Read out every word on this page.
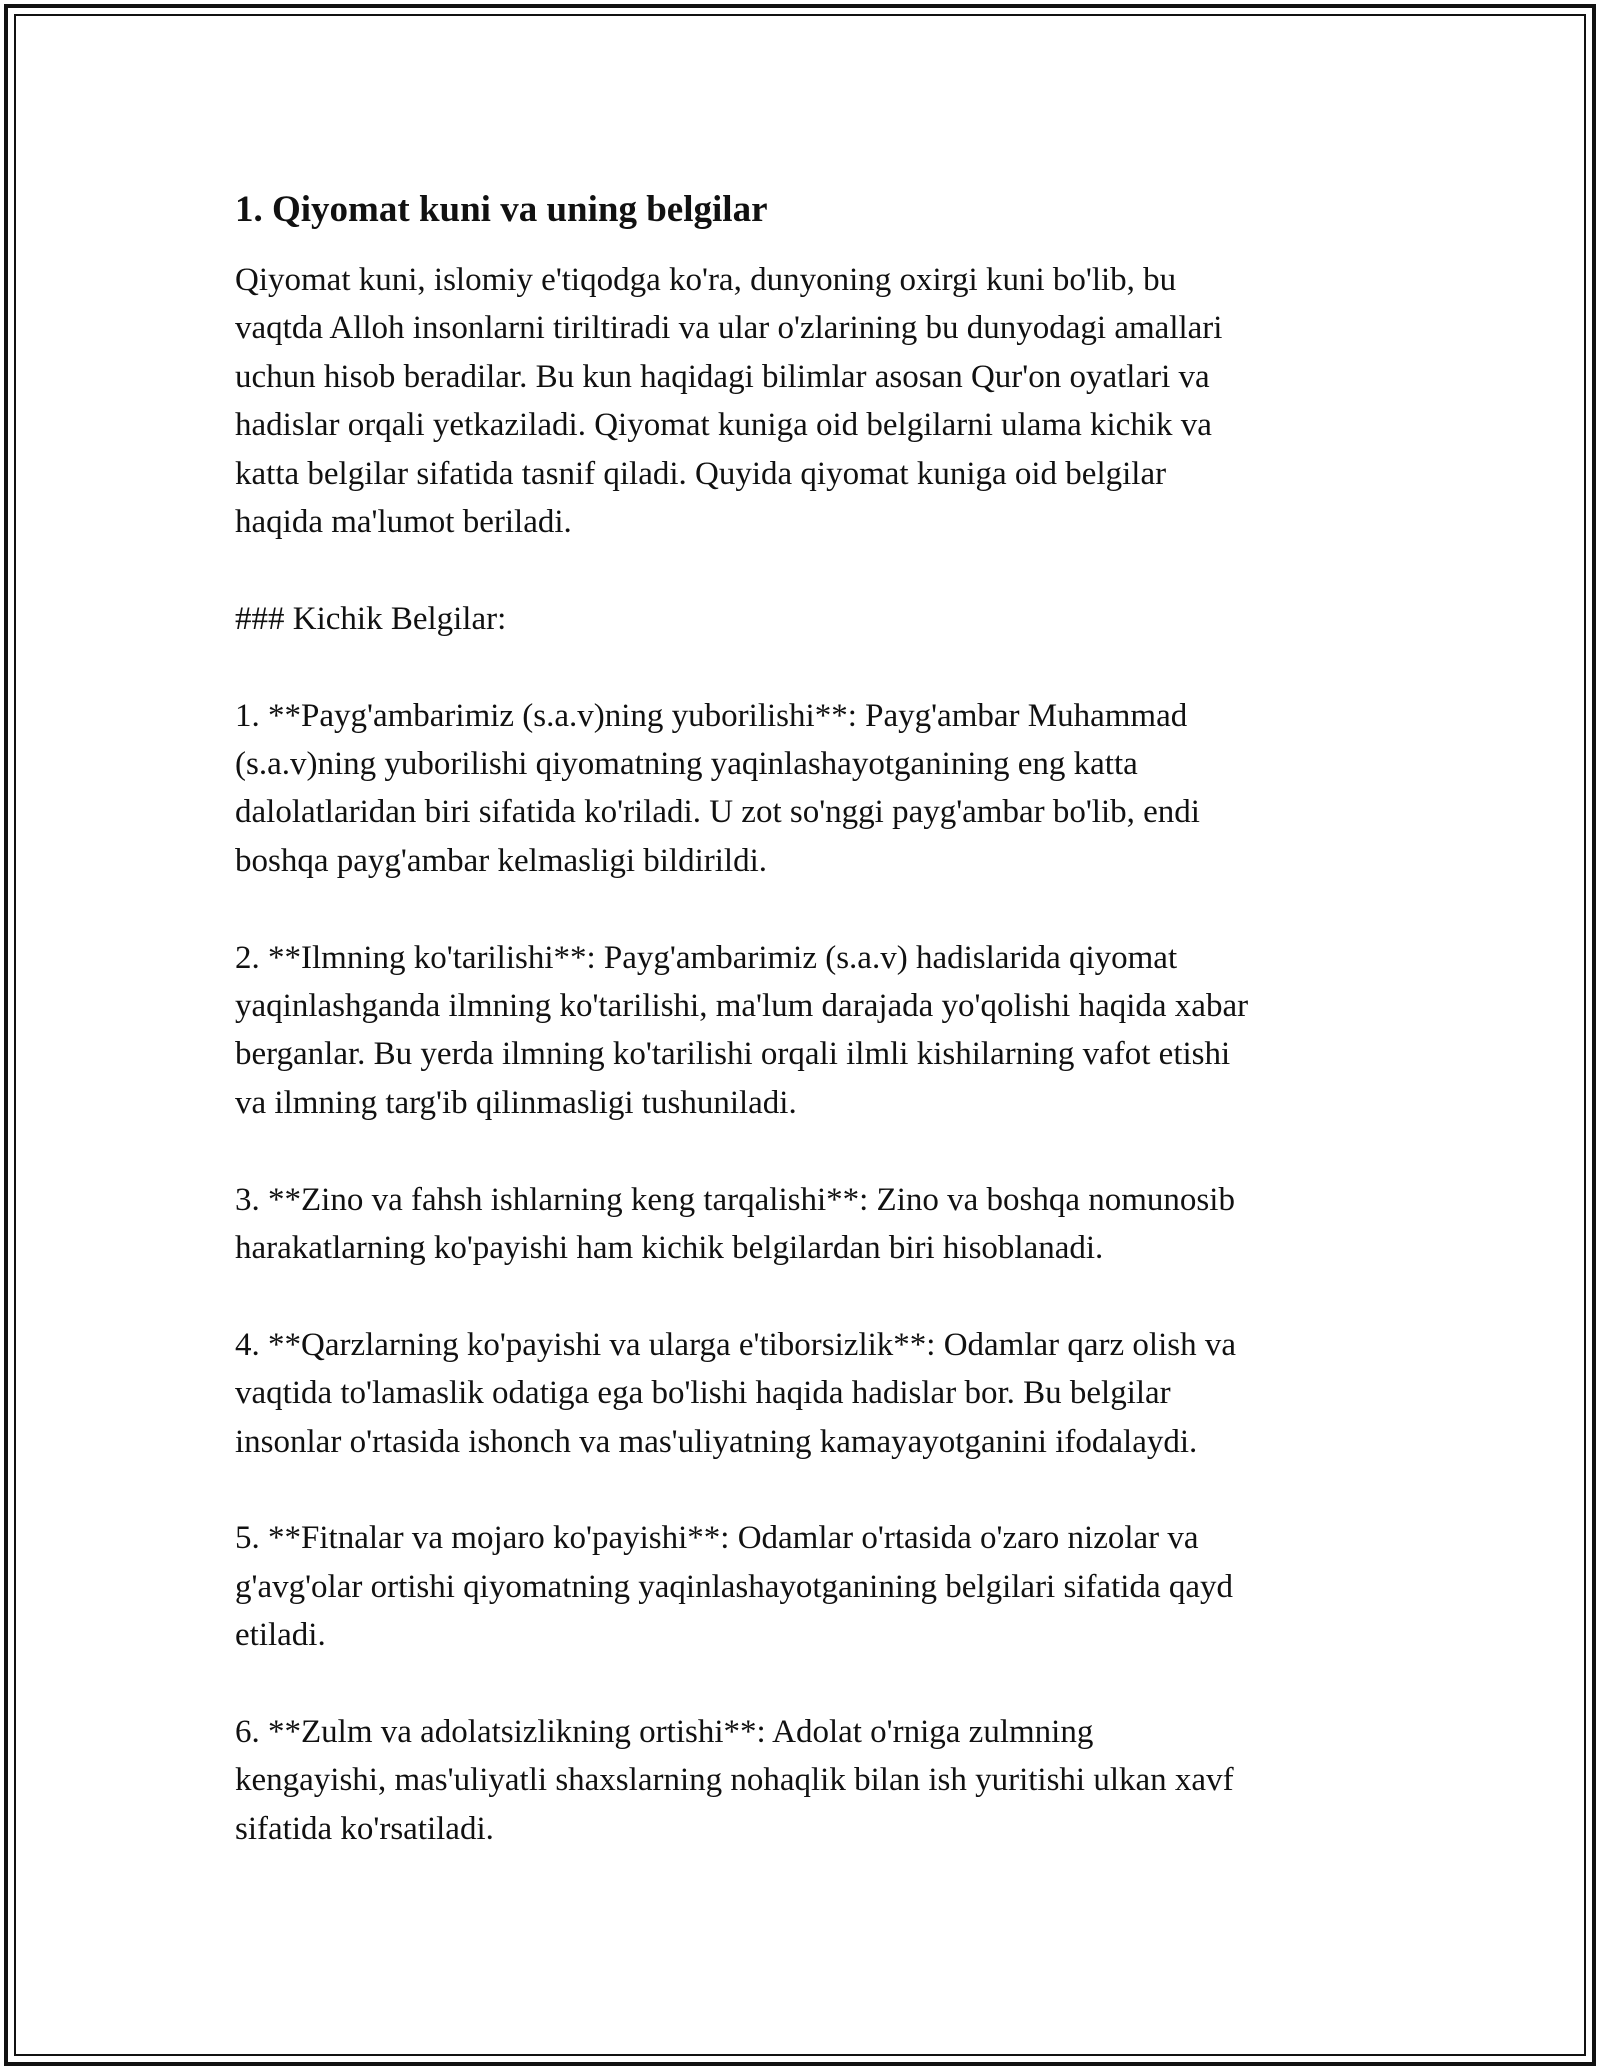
1. Qiyomat kuni va uning belgilar
Qiyomat kuni, islomiy e'tiqodga ko'ra, dunyoning oxirgi kuni bo'lib, bu
vaqtda Alloh insonlarni tiriltiradi va ular o'zlarining bu dunyodagi amallari
uchun hisob beradilar. Bu kun haqidagi bilimlar asosan Qur'on oyatlari va
hadislar orqali yetkaziladi. Qiyomat kuniga oid belgilarni ulama kichik va
katta belgilar sifatida tasnif qiladi. Quyida qiyomat kuniga oid belgilar
haqida ma'lumot beriladi.
### Kichik Belgilar:
1. **Payg'ambarimiz (s.a.v)ning yuborilishi**: Payg'ambar Muhammad
(s.a.v)ning yuborilishi qiyomatning yaqinlashayotganining eng katta
dalolatlaridan biri sifatida ko'riladi. U zot so'nggi payg'ambar bo'lib, endi
boshqa payg'ambar kelmasligi bildirildi.
2. **Ilmning ko'tarilishi**: Payg'ambarimiz (s.a.v) hadislarida qiyomat
yaqinlashganda ilmning ko'tarilishi, ma'lum darajada yo'qolishi haqida xabar
berganlar. Bu yerda ilmning ko'tarilishi orqali ilmli kishilarning vafot etishi
va ilmning targ'ib qilinmasligi tushuniladi.
3. **Zino va fahsh ishlarning keng tarqalishi**: Zino va boshqa nomunosib
harakatlarning ko'payishi ham kichik belgilardan biri hisoblanadi.
4. **Qarzlarning ko'payishi va ularga e'tiborsizlik**: Odamlar qarz olish va
vaqtida to'lamaslik odatiga ega bo'lishi haqida hadislar bor. Bu belgilar
insonlar o'rtasida ishonch va mas'uliyatning kamayayotganini ifodalaydi.
5. **Fitnalar va mojaro ko'payishi**: Odamlar o'rtasida o'zaro nizolar va
g'avg'olar ortishi qiyomatning yaqinlashayotganining belgilari sifatida qayd
etiladi.
6. **Zulm va adolatsizlikning ortishi**: Adolat o'rniga zulmning
kengayishi, mas'uliyatli shaxslarning nohaqlik bilan ish yuritishi ulkan xavf
sifatida ko'rsatiladi.
